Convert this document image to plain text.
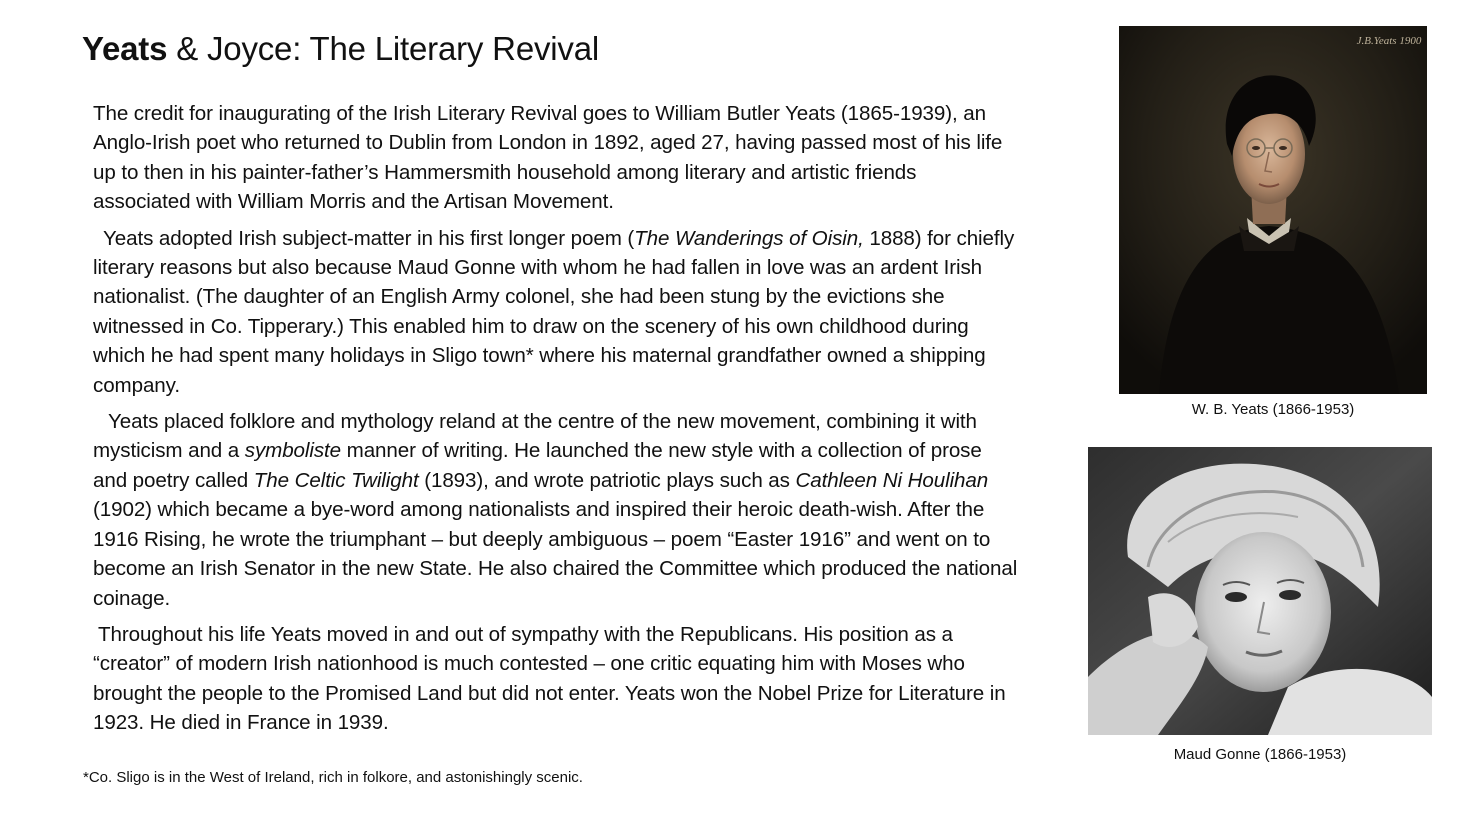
Yeats & Joyce: The Literary Revival

The credit for inaugurating of the Irish Literary Revival goes to William Butler Yeats (1865-1939), an Anglo-Irish poet who returned to Dublin from London in 1892, aged 27, having passed most of his life up to then in his painter-father’s Hammersmith household among literary and artistic friends associated with William Morris and the Artisan Movement.

Yeats adopted Irish subject-matter in his first longer poem (The Wanderings of Oisin, 1888) for chiefly literary reasons but also because Maud Gonne with whom he had fallen in love was an ardent Irish nationalist. (The daughter of an English Army colonel, she had been stung by the evictions she witnessed in Co. Tipperary.) This enabled him to draw on the scenery of his own childhood during which he had spent many holidays in Sligo town* where his maternal grandfather owned a shipping company.

Yeats placed folklore and mythology reland at the centre of the new movement, combining it with mysticism and a symboliste manner of writing. He launched the new style with a collection of prose and poetry called The Celtic Twilight (1893), and wrote patriotic plays such as Cathleen Ni Houlihan (1902) which became a bye-word among nationalists and inspired their heroic death-wish. After the 1916 Rising, he wrote the triumphant – but deeply ambiguous – poem “Easter 1916” and went on to become an Irish Senator in the new State. He also chaired the Committee which produced the national coinage.

Throughout his life Yeats moved in and out of sympathy with the Republicans. His position as a “creator” of modern Irish nationhood is much contested – one critic equating him with Moses who brought the people to the Promised Land but did not enter. Yeats won the Nobel Prize for Literature in 1923. He died in France in 1939.

*Co. Sligo is in the West of Ireland, rich in folkore, and astonishingly scenic.
J.B.Yeats 1900
W. B. Yeats (1866-1953)
Maud Gonne (1866-1953)
